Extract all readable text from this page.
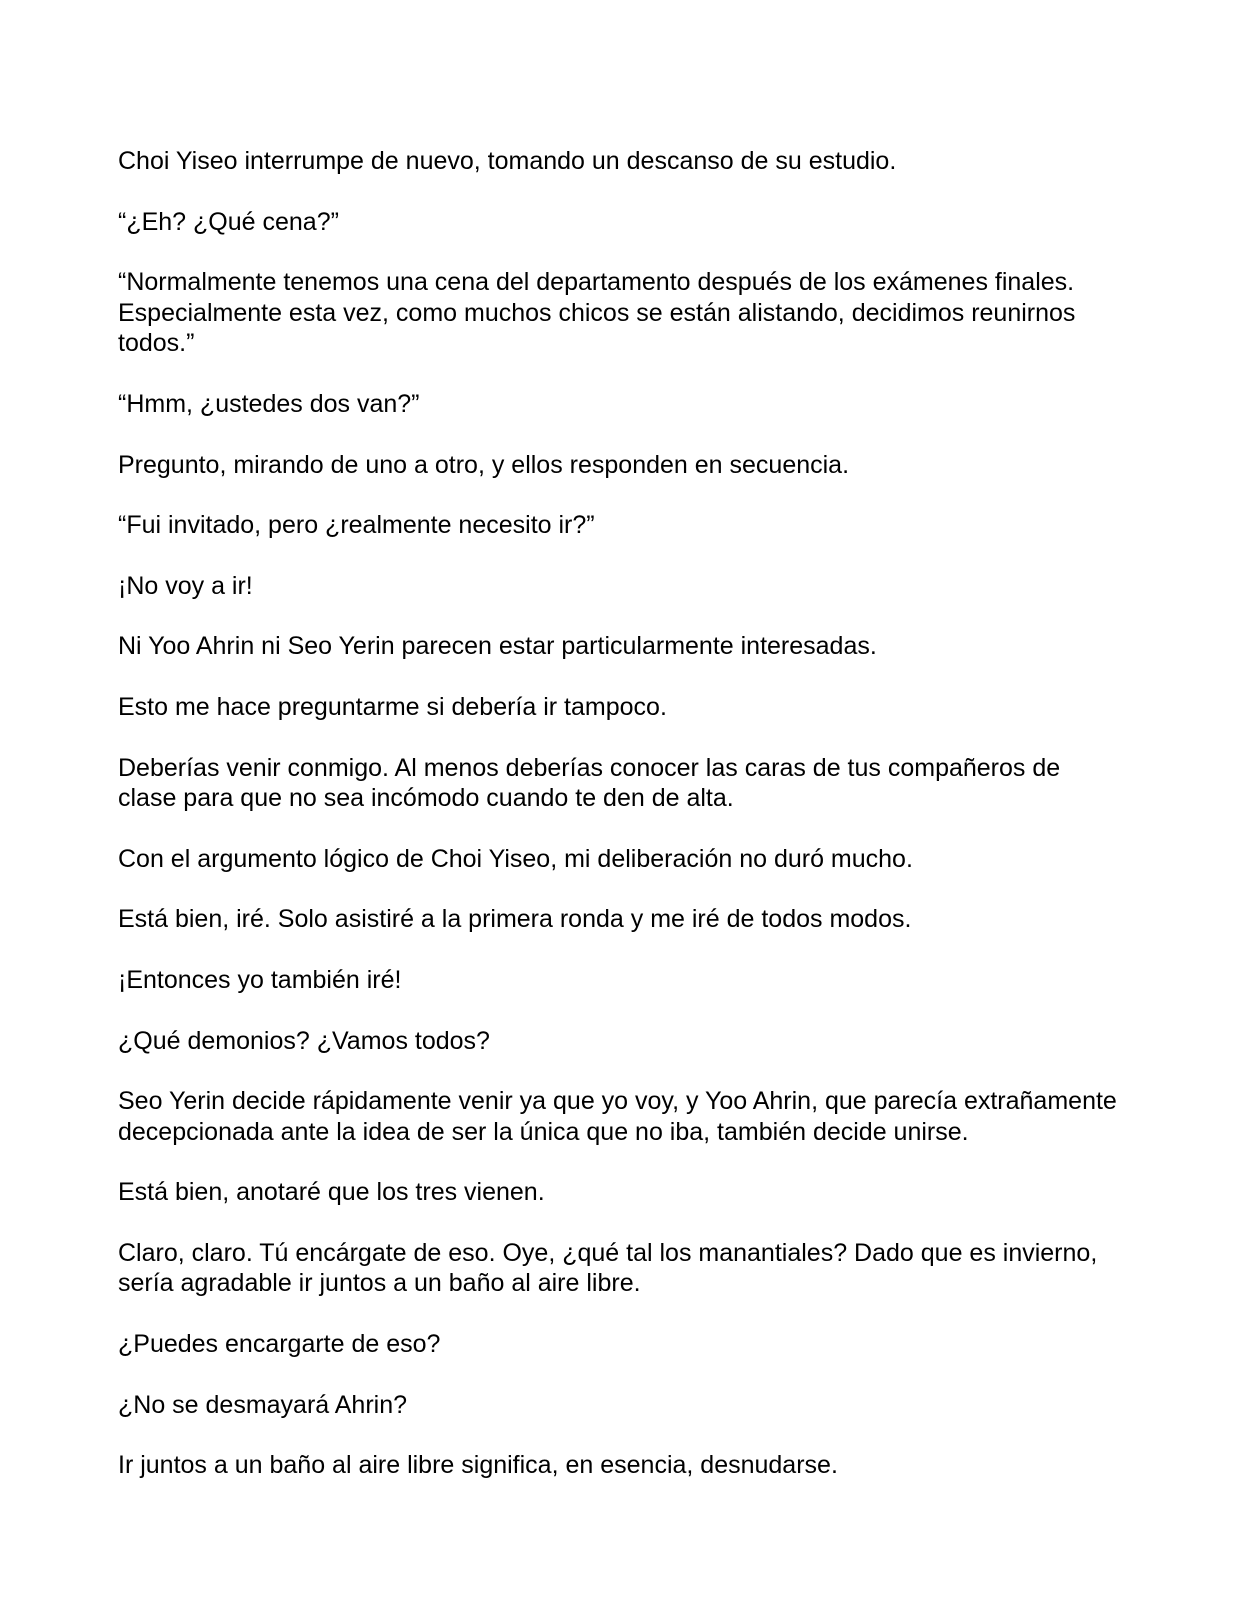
Choi Yiseo interrumpe de nuevo, tomando un descanso de su estudio.

“¿Eh? ¿Qué cena?”

“Normalmente tenemos una cena del departamento después de los exámenes finales. Especialmente esta vez, como muchos chicos se están alistando, decidimos reunirnos todos.”

“Hmm, ¿ustedes dos van?”

Pregunto, mirando de uno a otro, y ellos responden en secuencia.

“Fui invitado, pero ¿realmente necesito ir?”

¡No voy a ir!

Ni Yoo Ahrin ni Seo Yerin parecen estar particularmente interesadas.

Esto me hace preguntarme si debería ir tampoco.

Deberías venir conmigo. Al menos deberías conocer las caras de tus compañeros de clase para que no sea incómodo cuando te den de alta.

Con el argumento lógico de Choi Yiseo, mi deliberación no duró mucho.

Está bien, iré. Solo asistiré a la primera ronda y me iré de todos modos.

¡Entonces yo también iré!

¿Qué demonios? ¿Vamos todos?

Seo Yerin decide rápidamente venir ya que yo voy, y Yoo Ahrin, que parecía extrañamente decepcionada ante la idea de ser la única que no iba, también decide unirse.

Está bien, anotaré que los tres vienen.

Claro, claro. Tú encárgate de eso. Oye, ¿qué tal los manantiales? Dado que es invierno, sería agradable ir juntos a un baño al aire libre.

¿Puedes encargarte de eso?

¿No se desmayará Ahrin?

Ir juntos a un baño al aire libre significa, en esencia, desnudarse.
